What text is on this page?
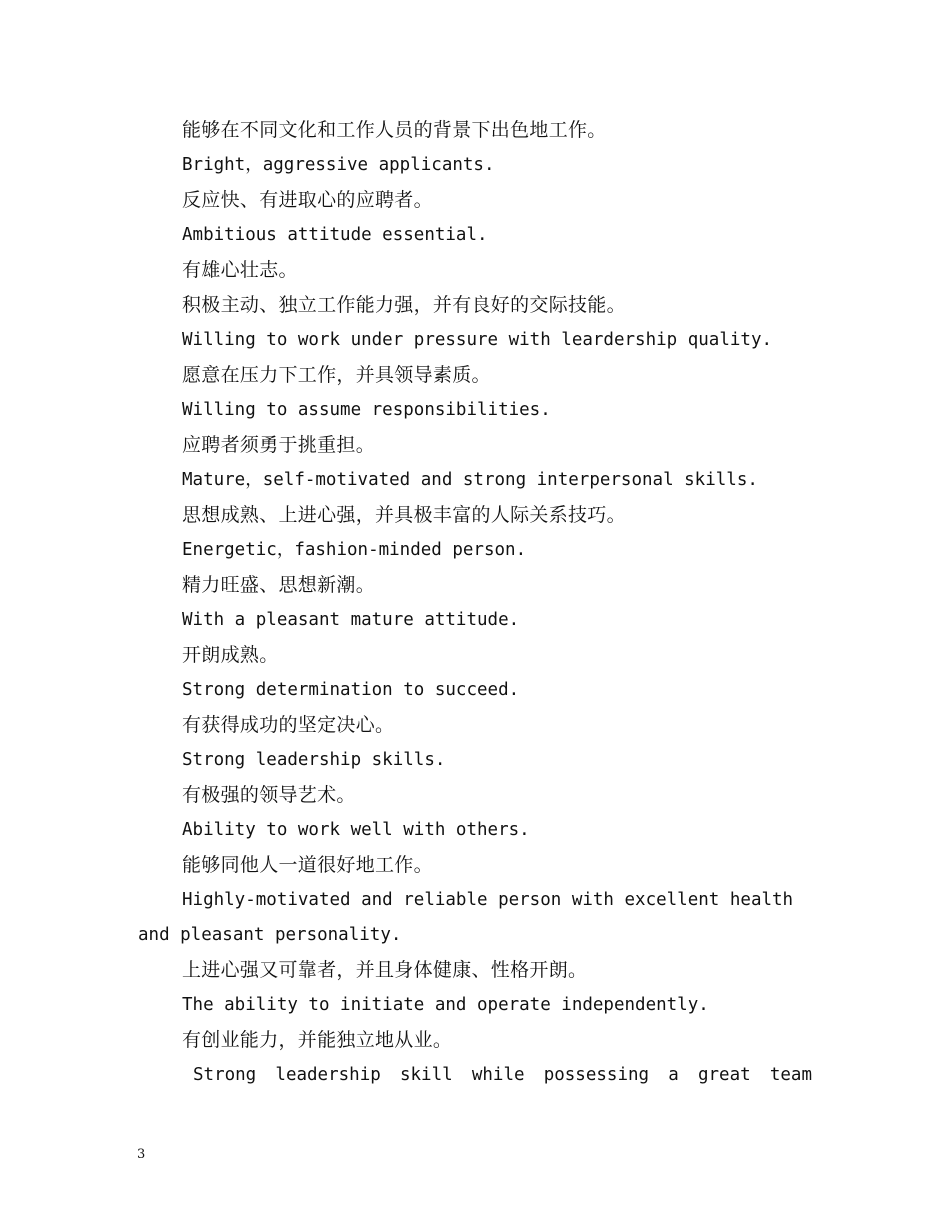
能够在不同文化和工作人员的背景下出色地工作。
Bright，aggressive applicants.
反应快、有进取心的应聘者。
Ambitious attitude essential.
有雄心壮志。
积极主动、独立工作能力强，并有良好的交际技能。
Willing to work under pressure with leardership quality.
愿意在压力下工作，并具领导素质。
Willing to assume responsibilities.
应聘者须勇于挑重担。
Mature，self-motivated and strong interpersonal skills.
思想成熟、上进心强，并具极丰富的人际关系技巧。
Energetic，fashion-minded person.
精力旺盛、思想新潮。
With a pleasant mature attitude.
开朗成熟。
Strong determination to succeed.
有获得成功的坚定决心。
Strong leadership skills.
有极强的领导艺术。
Ability to work well with others.
能够同他人一道很好地工作。
Highly-motivated and reliable person with excellent health
and pleasant personality.
上进心强又可靠者，并且身体健康、性格开朗。
The ability to initiate and operate independently.
有创业能力，并能独立地从业。
Strong leadership skill while possessing a great team
3
